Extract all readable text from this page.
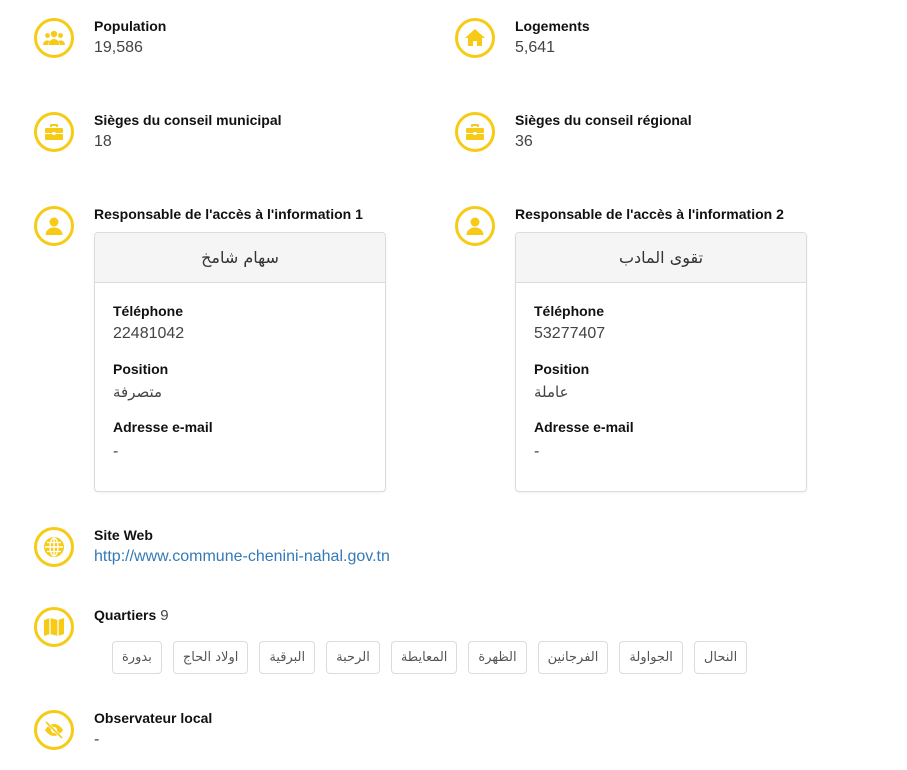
Population
19,586
Logements
5,641
Sièges du conseil municipal
18
Sièges du conseil régional
36
Responsable de l'accès à l'information 1
سهام شامخ
Téléphone
22481042
Position
متصرفة
Adresse e-mail
-
Responsable de l'accès à l'information 2
تقوى المادب
Téléphone
53277407
Position
عاملة
Adresse e-mail
-
Site Web
http://www.commune-chenini-nahal.gov.tn
Quartiers 9
النحال
الجواولة
الفرجانين
الظهرة
المعايطة
الرحبة
البرقية
اولاد الحاج
بدورة
Observateur local
-
